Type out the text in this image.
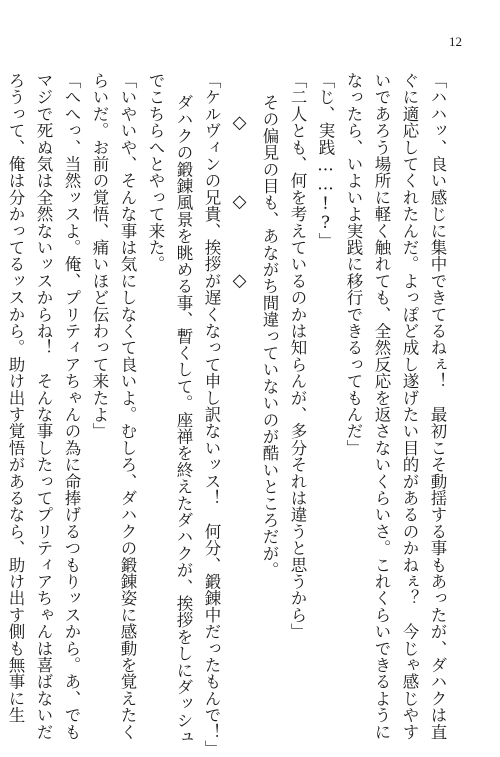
12
「ハハッ、良い感じに集中できてるねぇ！　最初こそ動揺する事もあったが、ダハクは直
ぐに適応してくれたんだ。よっぽど成し遂げたい目的があるのかねぇ？　今じゃ感じやす
いであろう場所に軽く触れても、全然反応を返さないくらいさ。これくらいできるように
なったら、いよいよ実践に移行できるってもんだ」
「じ、実践……!?」
「二人とも、何を考えているのかは知らんが、多分それは違うと思うから」
その偏見の目も、あながち間違っていないのが酷いところだが。
◇　◇　◇
「ケルヴィンの兄貴、挨拶が遅くなって申し訳ないッス！　何分、鍛錬中だったもんで！」
ダハクの鍛錬風景を眺める事、暫くして。座禅を終えたダハクが、挨拶をしにダッシュ
でこちらへとやって来た。
「いやいや、そんな事は気にしなくて良いよ。むしろ、ダハクの鍛錬姿に感動を覚えたく
らいだ。お前の覚悟、痛いほど伝わって来たよ」
「へへっ、当然ッスよ。俺、プリティアちゃんの為に命捧げるつもりッスから。あ、でも
マジで死ぬ気は全然ないッスからね！　そんな事したってプリティアちゃんは喜ばないだ
ろうって、俺は分かってるッスから。助け出す覚悟があるなら、助け出す側も無事に生
